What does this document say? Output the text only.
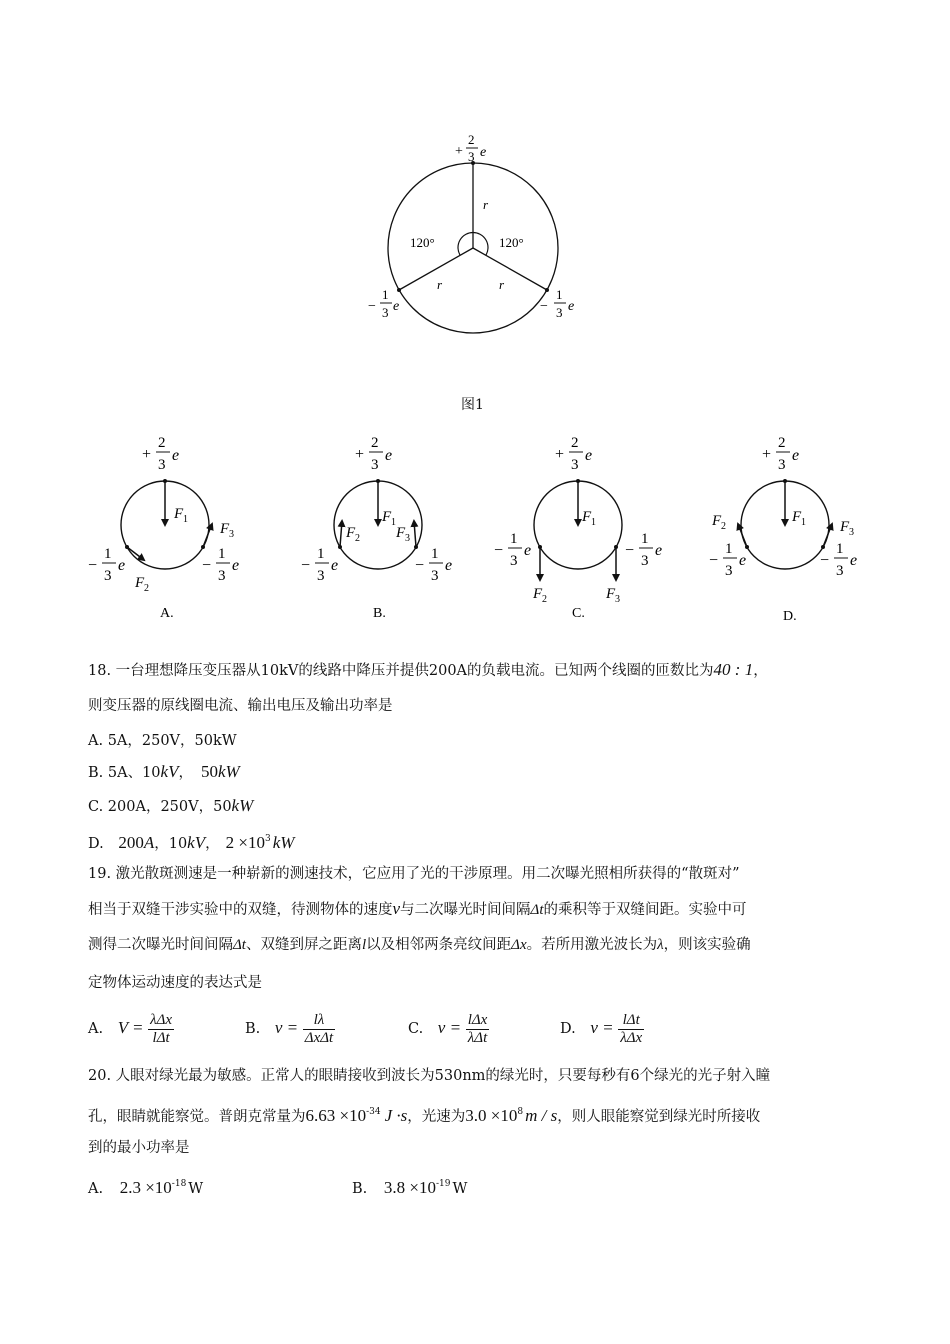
+
2
3 e
−
1
3 e	−
1
3 e
r
r	r
120°	120°
图1
+
2
3
e
−
1
3
e	−
1
3
e
F 1
F 3
F 2
+
2
3
e
−
1
3
e	−
1
3
e
F 1
F 2 F 3
+
2
3
e
−
1
3
e	−
1
3
e
F 1
F 2	F 3
+
2
3
e
−
1
3
e	−
1
3
e
F 1
F 2	F 3
A.	B.	C.	D.
18. 一台理想降压变压器从10kV的线路中降压并提供200A的负载电流。已知两个线圈的匝数比为40 : 1，
则变压器的原线圈电流、输出电压及输出功率是
A. 5A，250V，50kW
B. 5A、10kV， 50kW
C. 200A，250V，50kW
D. 200A，10kV， $2 \times 10^3$ kW
19. 激光散斑测速是一种崭新的测速技术，它应用了光的干涉原理。用二次曝光照相所获得的“散斑对”
相当于双缝干涉实验中的双缝，待测物体的速度v与二次曝光时间间隔Δt的乘积等于双缝间距。实验中可
测得二次曝光时间间隔Δt、双缝到屏之距离l以及相邻两条亮纹间距Δx。若所用激光波长为λ，则该实验确
定物体运动速度的表达式是
A. $V = \frac{\text{λΔx}}{\text{lΔt}}$	B. $v = \frac{l\lambda}{\text{ΔxΔt}}$	C. $v = \frac{\text{lΔx}}{\text{λΔt}}$	D. $v = \frac{\text{lΔt}}{\text{λΔx}}$
20. 人眼对绿光最为敏感。正常人的眼睛接收到波长为530nm的绿光时，只要每秒有6个绿光的光子射入瞳
孔，眼睛就能察觉。普朗克常量为$6.63 \times 10^{-34}$ J ·s，光速为$3.0 \times 10^8$ m / s，则人眼能察觉到绿光时所接收
到的最小功率是
A. $2.3 \times 10^{-18}$ W	B. $3.8 \times 10^{-19}$ W
